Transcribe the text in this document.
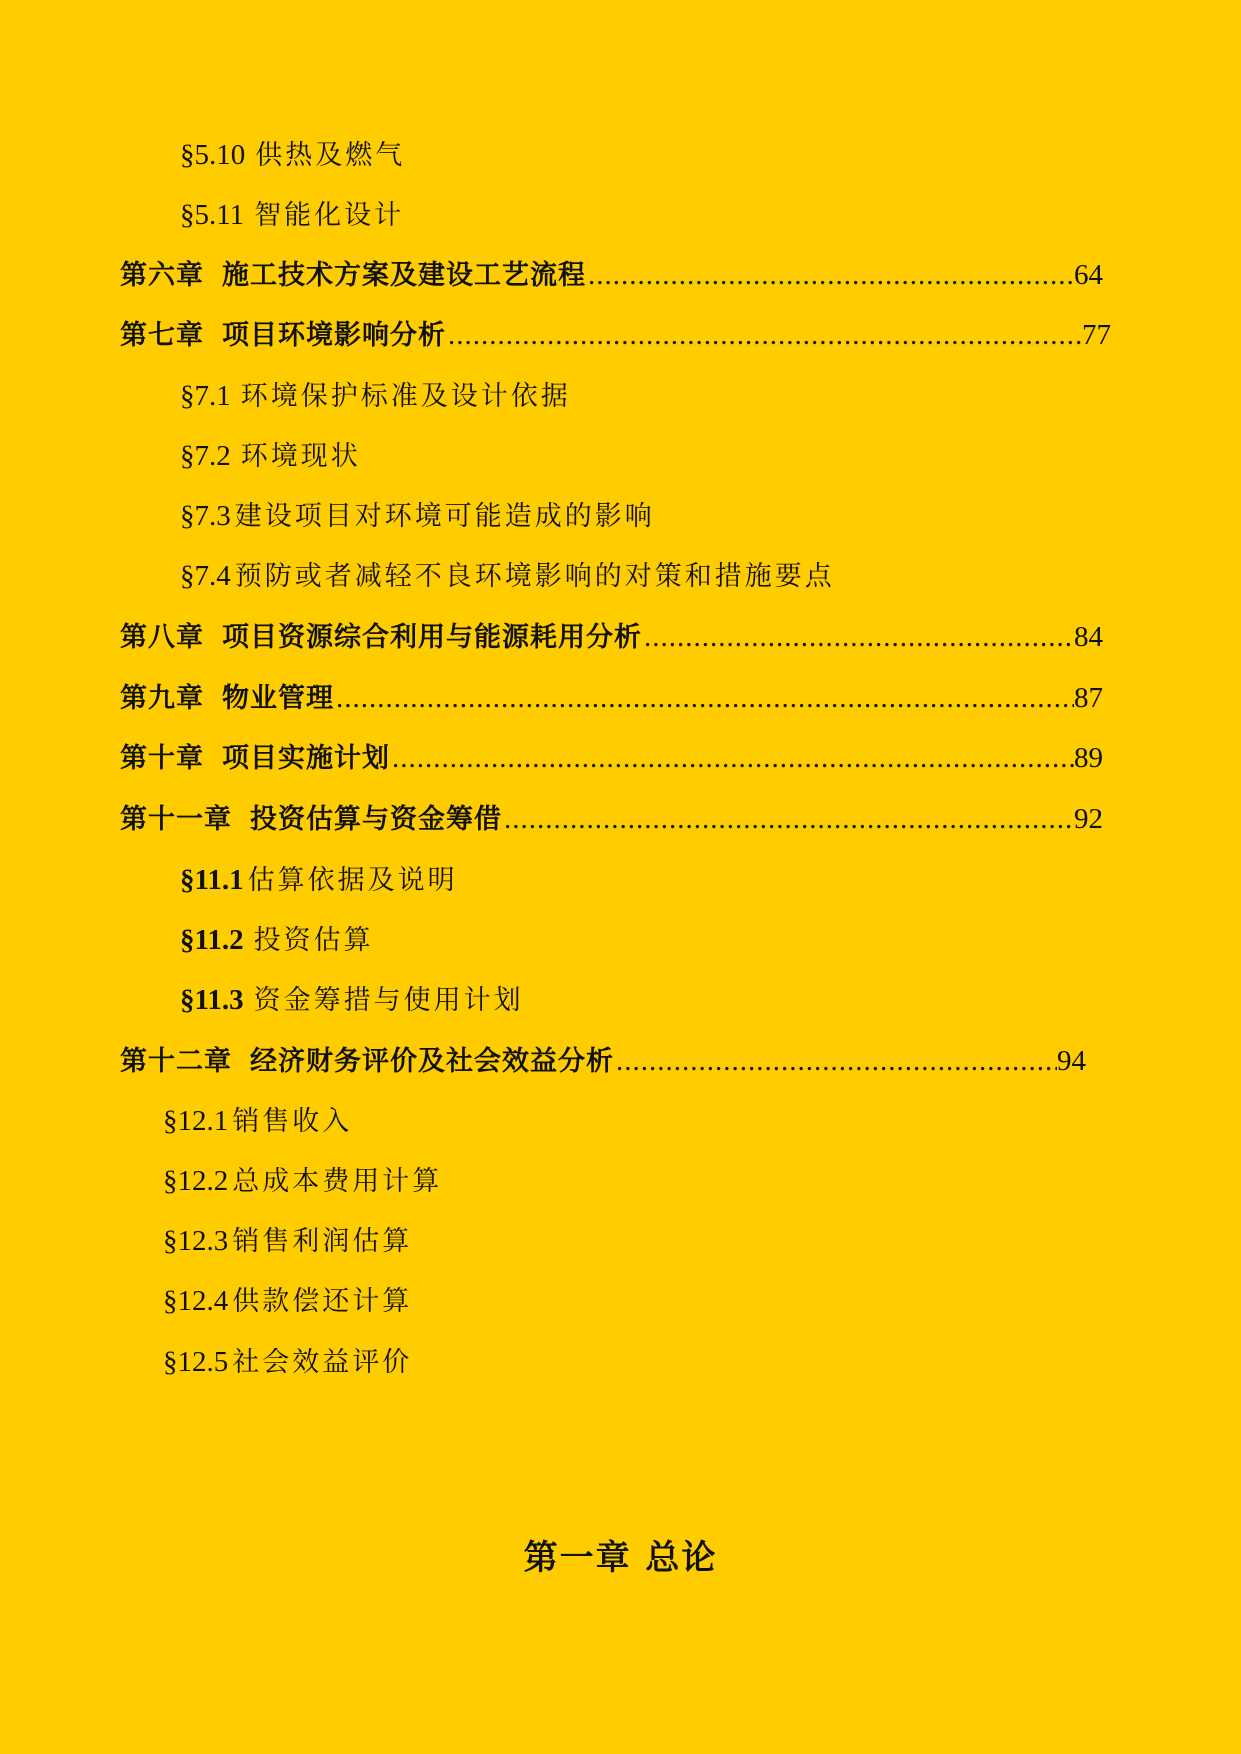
§5.10 供热及燃气
§5.11 智能化设计
第六章 施工技术方案及建设工艺流程 .....	64
第七章 项目环境影响分析 .....	77
§7.1 环境保护标准及设计依据
§7.2 环境现状
§7.3 建设项目对环境可能造成的影响
§7.4 预防或者减轻不良环境影响的对策和措施要点
第八章 项目资源综合利用与能源耗用分析 .....	84
第九章 物业管理 .....	87
第十章 项目实施计划 .....	89
第十一章 投资估算与资金筹借 .....	92
§11.1 估算依据及说明
§11.2 投资估算
§11.3 资金筹措与使用计划
第十二章 经济财务评价及社会效益分析 .....	94
§12.1 销售收入
§12.2 总成本费用计算
§12.3 销售利润估算
§12.4 供款偿还计算
§12.5 社会效益评价
第一章 总论
